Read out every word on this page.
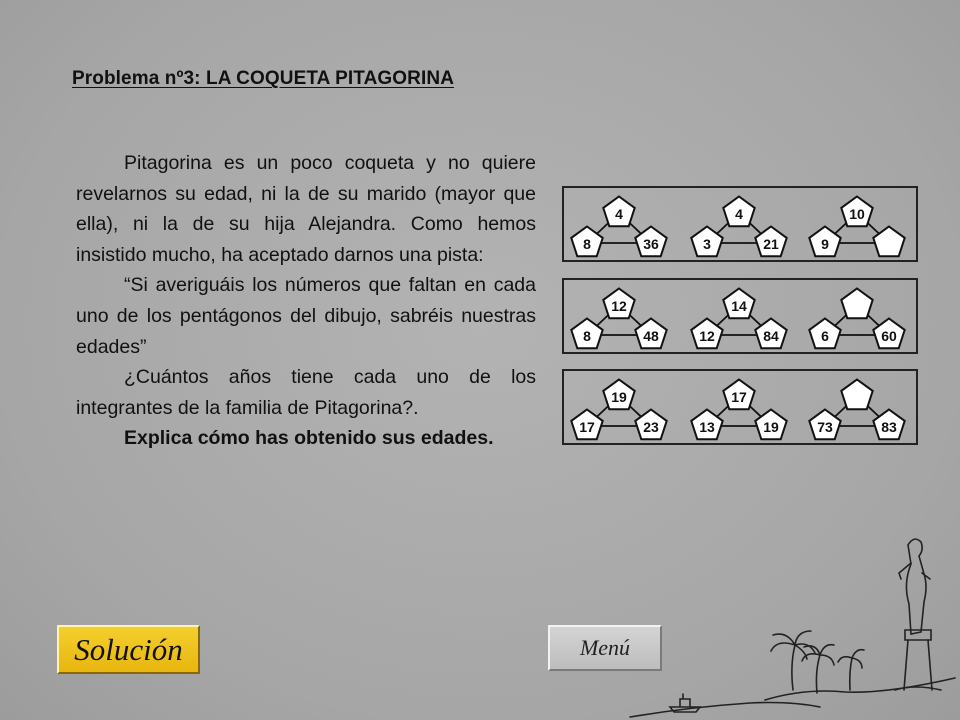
Problema nº3: LA COQUETA PITAGORINA

Pitagorina es un poco coqueta y no quiere revelarnos su edad, ni la de su marido (mayor que ella), ni la de su hija Alejandra. Como hemos insistido mucho, ha aceptado darnos una pista:

“Si averiguáis los números que faltan en cada uno de los pentágonos del dibujo, sabréis nuestras edades”

¿Cuántos años tiene cada uno de los integrantes de la familia de Pitagorina?.

Explica cómo has obtenido sus edades.

4
8	36
4
3	21
10
9
12
8	48
14
12	84	6	60
19
17	23
17
13	19	73	83
Solución	Menú
